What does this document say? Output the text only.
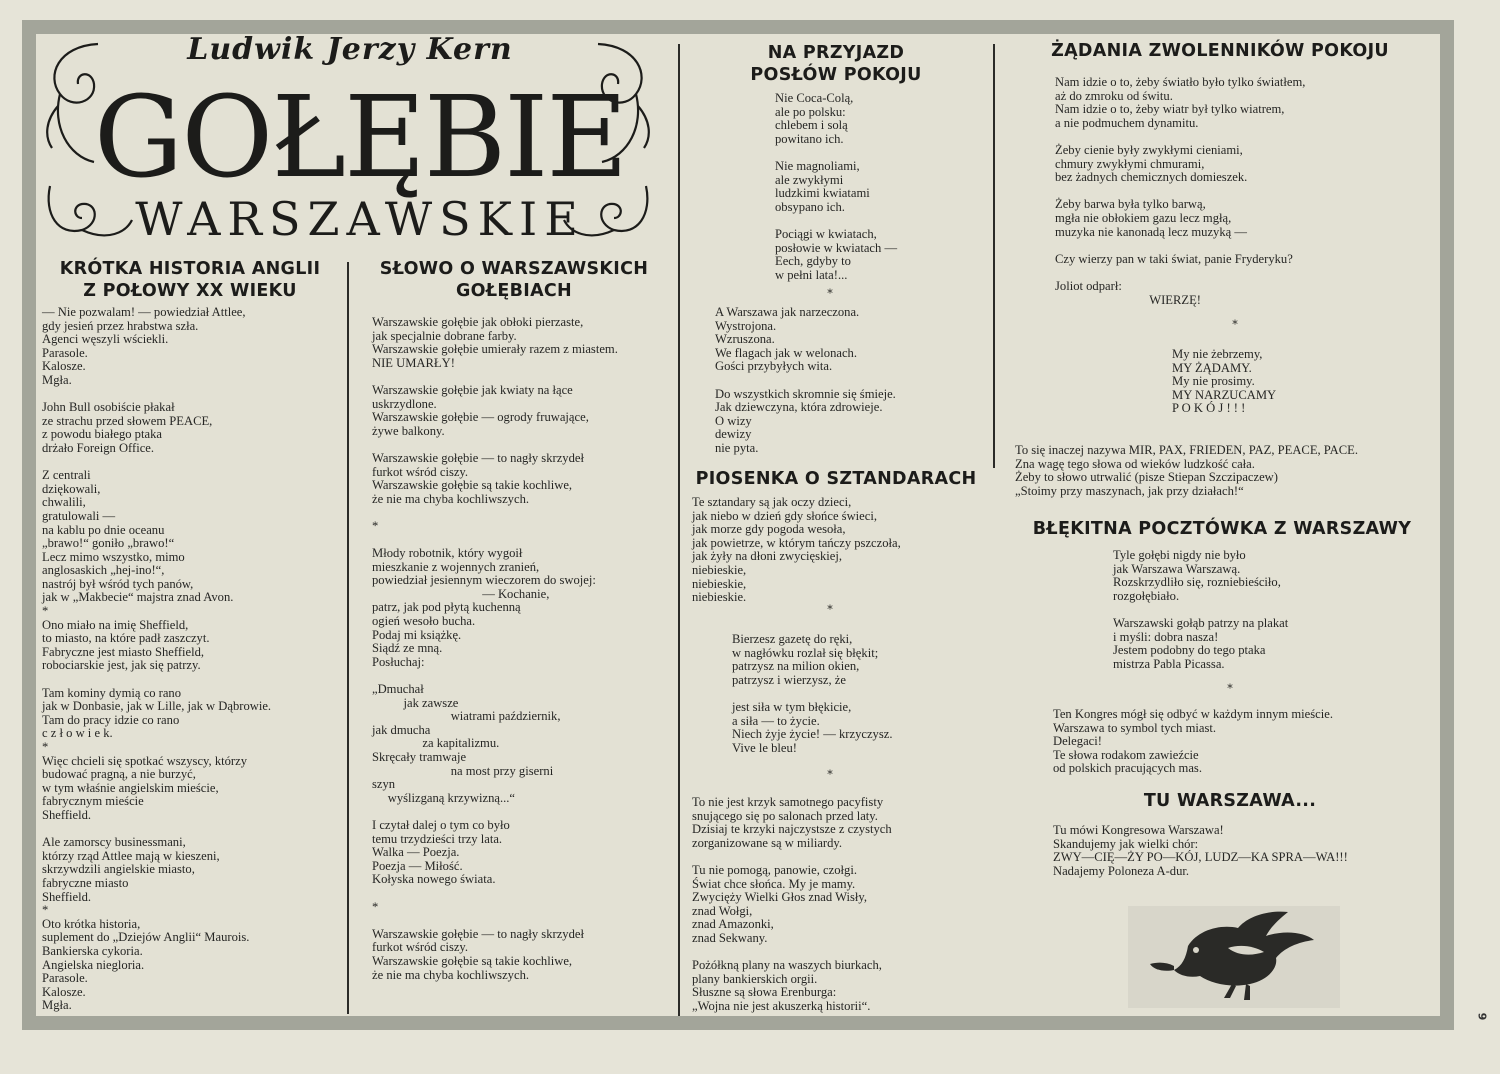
Ludwik Jerzy Kern
GOŁĘBIE
WARSZAWSKIE
KRÓTKA HISTORIA ANGLII
Z POŁOWY XX WIEKU
— Nie pozwalam! — powiedział Attlee,
gdy jesień przez hrabstwa szła.
Agenci węszyli wściekli.
Parasole.
Kalosze.
Mgła.

John Bull osobiście płakał
ze strachu przed słowem PEACE,
z powodu białego ptaka
drżało Foreign Office.

Z centrali
dziękowali,
chwalili,
gratulowali —
na kablu po dnie oceanu
„brawo!“ goniło „brawo!“
Lecz mimo wszystko, mimo
anglosaskich „hej-ino!“,
nastrój był wśród tych panów,
jak w „Makbecie“ majstra znad Avon.
*
Ono miało na imię Sheffield,
to miasto, na które padł zaszczyt.
Fabryczne jest miasto Sheffield,
robociarskie jest, jak się patrzy.

Tam kominy dymią co rano
jak w Donbasie, jak w Lille, jak w Dąbrowie.
Tam do pracy idzie co rano
c z ł o w i e k.
*
Więc chcieli się spotkać wszyscy, którzy
budować pragną, a nie burzyć,
w tym właśnie angielskim mieście,
fabrycznym mieście
Sheffield.

Ale zamorscy businessmani,
którzy rząd Attlee mają w kieszeni,
skrzywdzili angielskie miasto,
fabryczne miasto
Sheffield.
*
Oto krótka historia,
suplement do „Dziejów Anglii“ Maurois.
Bankierska cykoria.
Angielska niegloria.
Parasole.
Kalosze.
Mgła.
SŁOWO O WARSZAWSKICH
GOŁĘBIACH
Warszawskie gołębie jak obłoki pierzaste,
jak specjalnie dobrane farby.
Warszawskie gołębie umierały razem z miastem.
NIE UMARŁY!

Warszawskie gołębie jak kwiaty na łące
uskrzydlone.
Warszawskie gołębie — ogrody fruwające,
żywe balkony.

Warszawskie gołębie — to nagły skrzydeł
furkot wśród ciszy.
Warszawskie gołębie są takie kochliwe,
że nie ma chyba kochliwszych.

*

Młody robotnik, który wygoił
mieszkanie z wojennych zranień,
powiedział jesiennym wieczorem do swojej:
— Kochanie,
patrz, jak pod płytą kuchenną
ogień wesoło bucha.
Podaj mi książkę.
Siądź ze mną.
Posłuchaj:

„Dmuchał
jak zawsze
wiatrami październik,
jak dmucha
za kapitalizmu.
Skręcały tramwaje
na most przy giserni
szyn
wyślizganą krzywizną...“

I czytał dalej o tym co było
temu trzydzieści trzy lata.
Walka — Poezja.
Poezja — Miłość.
Kołyska nowego świata.

*

Warszawskie gołębie — to nagły skrzydeł
furkot wśród ciszy.
Warszawskie gołębie są takie kochliwe,
że nie ma chyba kochliwszych.
NA PRZYJAZD
POSŁÓW POKOJU
Nie Coca-Colą,
ale po polsku:
chlebem i solą
powitano ich.

Nie magnoliami,
ale zwykłymi
ludzkimi kwiatami
obsypano ich.

Pociągi w kwiatach,
posłowie w kwiatach —
Eech, gdyby to
w pełni lata!...
*
A Warszawa jak narzeczona.
Wystrojona.
Wzruszona.
We flagach jak w welonach.
Gości przybyłych wita.

Do wszystkich skromnie się śmieje.
Jak dziewczyna, która zdrowieje.
O wizy
dewizy
nie pyta.
PIOSENKA O SZTANDARACH
Te sztandary są jak oczy dzieci,
jak niebo w dzień gdy słońce świeci,
jak morze gdy pogoda wesoła,
jak powietrze, w którym tańczy pszczoła,
jak żyły na dłoni zwycięskiej,
niebieskie,
niebieskie,
niebieskie.
*
Bierzesz gazetę do ręki,
w nagłówku rozlał się błękit;
patrzysz na milion okien,
patrzysz i wierzysz, że

jest siła w tym błękicie,
a siła — to życie.
Niech żyje życie! — krzyczysz.
Vive le bleu!
*
To nie jest krzyk samotnego pacyfisty
snującego się po salonach przed laty.
Dzisiaj te krzyki najczystsze z czystych
zorganizowane są w miliardy.

Tu nie pomogą, panowie, czołgi.
Świat chce słońca. My je mamy.
Zwycięży Wielki Głos znad Wisły,
znad Wołgi,
znad Amazonki,
znad Sekwany.

Pożółkną plany na waszych biurkach,
plany bankierskich orgii.
Słuszne są słowa Erenburga:
„Wojna nie jest akuszerką historii“.
ŻĄDANIA ZWOLENNIKÓW POKOJU
Nam idzie o to, żeby światło było tylko światłem,
aż do zmroku od świtu.
Nam idzie o to, żeby wiatr był tylko wiatrem,
a nie podmuchem dynamitu.

Żeby cienie były zwykłymi cieniami,
chmury zwykłymi chmurami,
bez żadnych chemicznych domieszek.

Żeby barwa była tylko barwą,
mgła nie obłokiem gazu lecz mgłą,
muzyka nie kanonadą lecz muzyką —

Czy wierzy pan w taki świat, panie Fryderyku?

Joliot odparł:
WIERZĘ!
*
My nie żebrzemy,
MY ŻĄDAMY.
My nie prosimy.
MY NARZUCAMY
P O K Ó J ! ! !
To się inaczej nazywa MIR, PAX, FRIEDEN, PAZ, PEACE, PACE.
Zna wagę tego słowa od wieków ludzkość cała.
Żeby to słowo utrwalić (pisze Stiepan Szczipaczew)
„Stoimy przy maszynach, jak przy działach!“
BŁĘKITNA POCZTÓWKA Z WARSZAWY
Tyle gołębi nigdy nie było
jak Warszawa Warszawą.
Rozskrzydliło się, rozniebieściło,
rozgołębiało.

Warszawski gołąb patrzy na plakat
i myśli: dobra nasza!
Jestem podobny do tego ptaka
mistrza Pabla Picassa.
*
Ten Kongres mógł się odbyć w każdym innym mieście.
Warszawa to symbol tych miast.
Delegaci!
Te słowa rodakom zawieźcie
od polskich pracujących mas.
TU WARSZAWA...
Tu mówi Kongresowa Warszawa!
Skandujemy jak wielki chór:
ZWY—CIĘ—ŻY PO—KÓJ, LUDZ—KA SPRA—WA!!!
Nadajemy Poloneza A-dur.
9
